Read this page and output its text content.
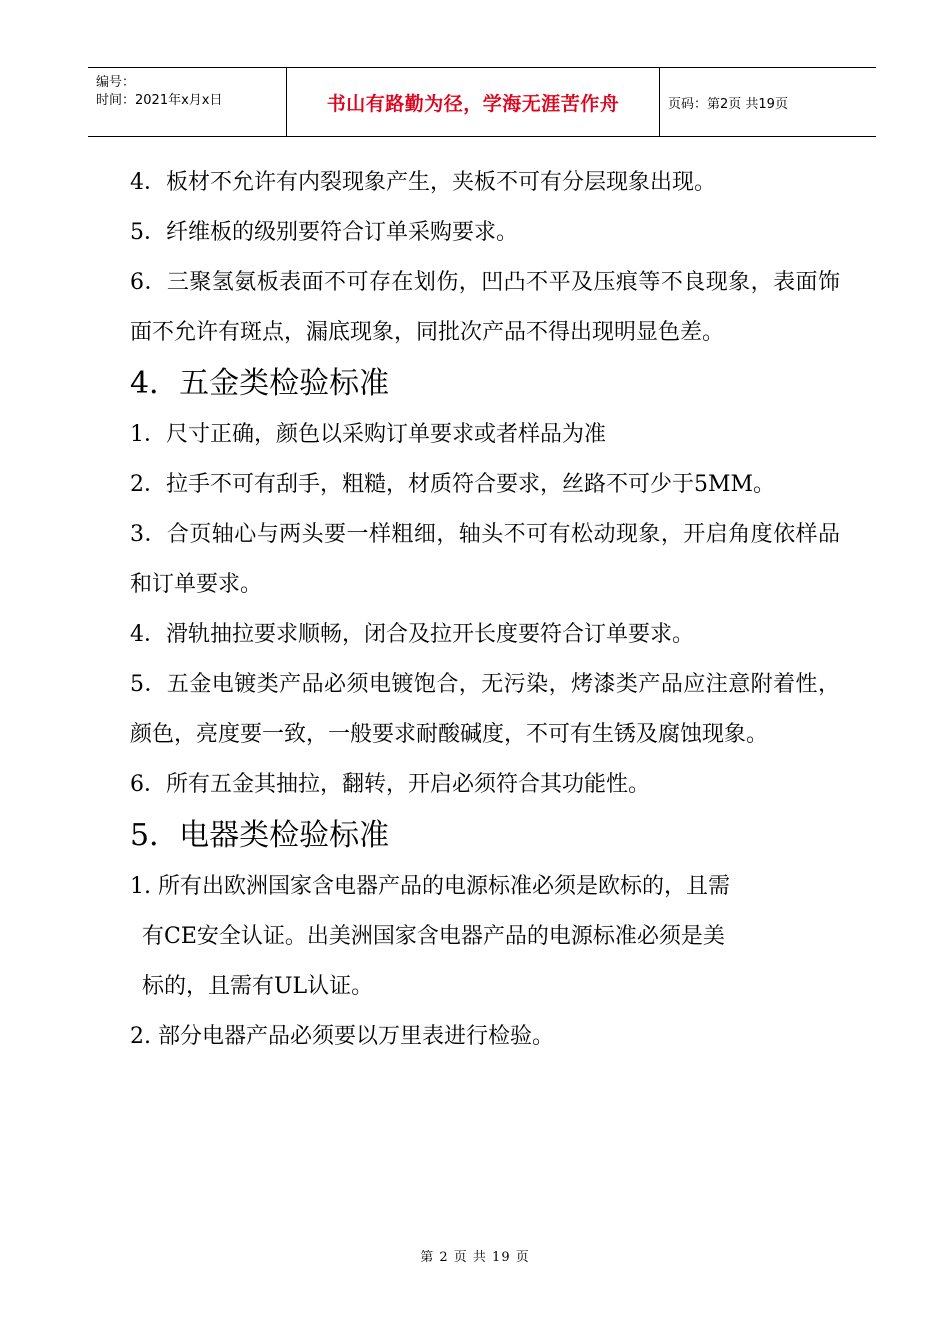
编号：
时间：2021年x月x日	书山有路勤为径，学海无涯苦作舟	页码：第2页 共19页

4．板材不允许有内裂现象产生，夹板不可有分层现象出现。

5．纤维板的级别要符合订单采购要求。

6．三聚氢氨板表面不可存在划伤，凹凸不平及压痕等不良现象，表面饰面不允许有斑点，漏底现象，同批次产品不得出现明显色差。

4．五金类检验标准

1．尺寸正确，颜色以采购订单要求或者样品为准

2．拉手不可有刮手，粗糙，材质符合要求，丝路不可少于5MM。

3．合页轴心与两头要一样粗细，轴头不可有松动现象，开启角度依样品和订单要求。

4．滑轨抽拉要求顺畅，闭合及拉开长度要符合订单要求。

5．五金电镀类产品必须电镀饱合，无污染，烤漆类产品应注意附着性，颜色，亮度要一致，一般要求耐酸碱度，不可有生锈及腐蚀现象。

6．所有五金其抽拉，翻转，开启必须符合其功能性。

5．电器类检验标准

1. 所有出欧洲国家含电器产品的电源标准必须是欧标的，且需

有CE安全认证。出美洲国家含电器产品的电源标准必须是美

标的，且需有UL认证。

2. 部分电器产品必须要以万里表进行检验。

第 2 页 共 19 页
